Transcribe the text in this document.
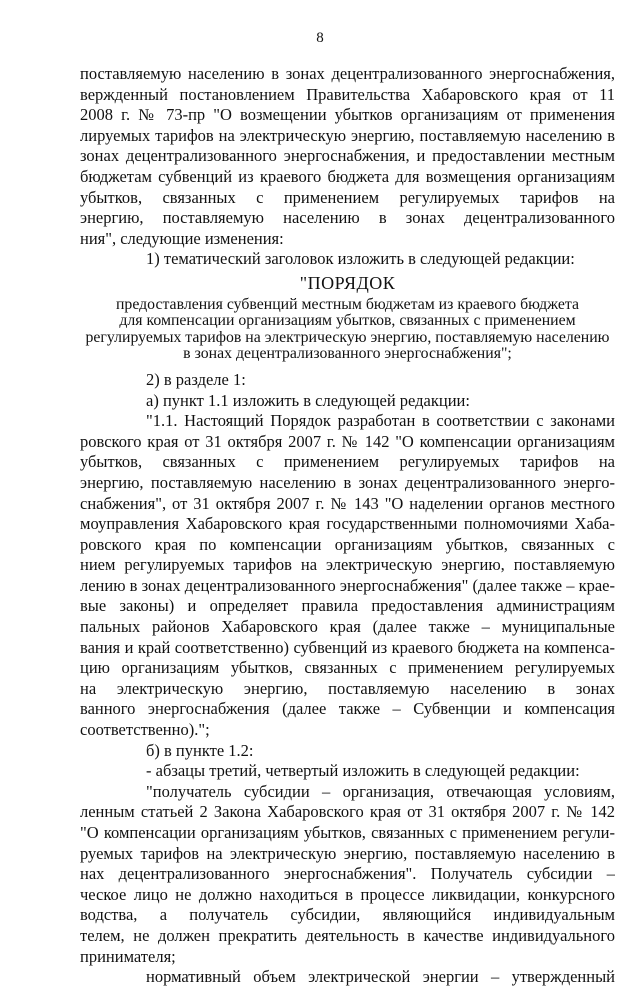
8
поставляемую населению в зонах децентрализованного энергоснабжения,
вержденный постановлением Правительства Хабаровского края от 11
2008 г. № 73-пр "О возмещении убытков организациям от применения
лируемых тарифов на электрическую энергию, поставляемую населению в
зонах децентрализованного энергоснабжения, и предоставлении местным
бюджетам субвенций из краевого бюджета для возмещения организациям
убытков, связанных с применением регулируемых тарифов на
энергию, поставляемую населению в зонах децентрализованного
ния", следующие изменения:
1) тематический заголовок изложить в следующей редакции:
"ПОРЯДОК
предоставления субвенций местным бюджетам из краевого бюджета
для компенсации организациям убытков, связанных с применением
регулируемых тарифов на электрическую энергию, поставляемую населению
в зонах децентрализованного энергоснабжения";
2) в разделе 1:
а) пункт 1.1 изложить в следующей редакции:
"1.1. Настоящий Порядок разработан в соответствии с законами
ровского края от 31 октября 2007 г. № 142 "О компенсации организациям
убытков, связанных с применением регулируемых тарифов на
энергию, поставляемую населению в зонах децентрализованного энерго-
снабжения", от 31 октября 2007 г. № 143 "О наделении органов местного
моуправления Хабаровского края государственными полномочиями Хаба-
ровского края по компенсации организациям убытков, связанных с
нием регулируемых тарифов на электрическую энергию, поставляемую
лению в зонах децентрализованного энергоснабжения" (далее также – крае-
вые законы) и определяет правила предоставления администрациям
пальных районов Хабаровского края (далее также – муниципальные
вания и край соответственно) субвенций из краевого бюджета на компенса-
цию организациям убытков, связанных с применением регулируемых
на электрическую энергию, поставляемую населению в зонах
ванного энергоснабжения (далее также – Субвенции и компенсация
соответственно).";
б) в пункте 1.2:
- абзацы третий, четвертый изложить в следующей редакции:
"получатель субсидии – организация, отвечающая условиям,
ленным статьей 2 Закона Хабаровского края от 31 октября 2007 г. № 142
"О компенсации организациям убытков, связанных с применением регули-
руемых тарифов на электрическую энергию, поставляемую населению в
нах децентрализованного энергоснабжения". Получатель субсидии –
ческое лицо не должно находиться в процессе ликвидации, конкурсного
водства, а получатель субсидии, являющийся индивидуальным
телем, не должен прекратить деятельность в качестве индивидуального
принимателя;
нормативный объем электрической энергии – утвержденный
